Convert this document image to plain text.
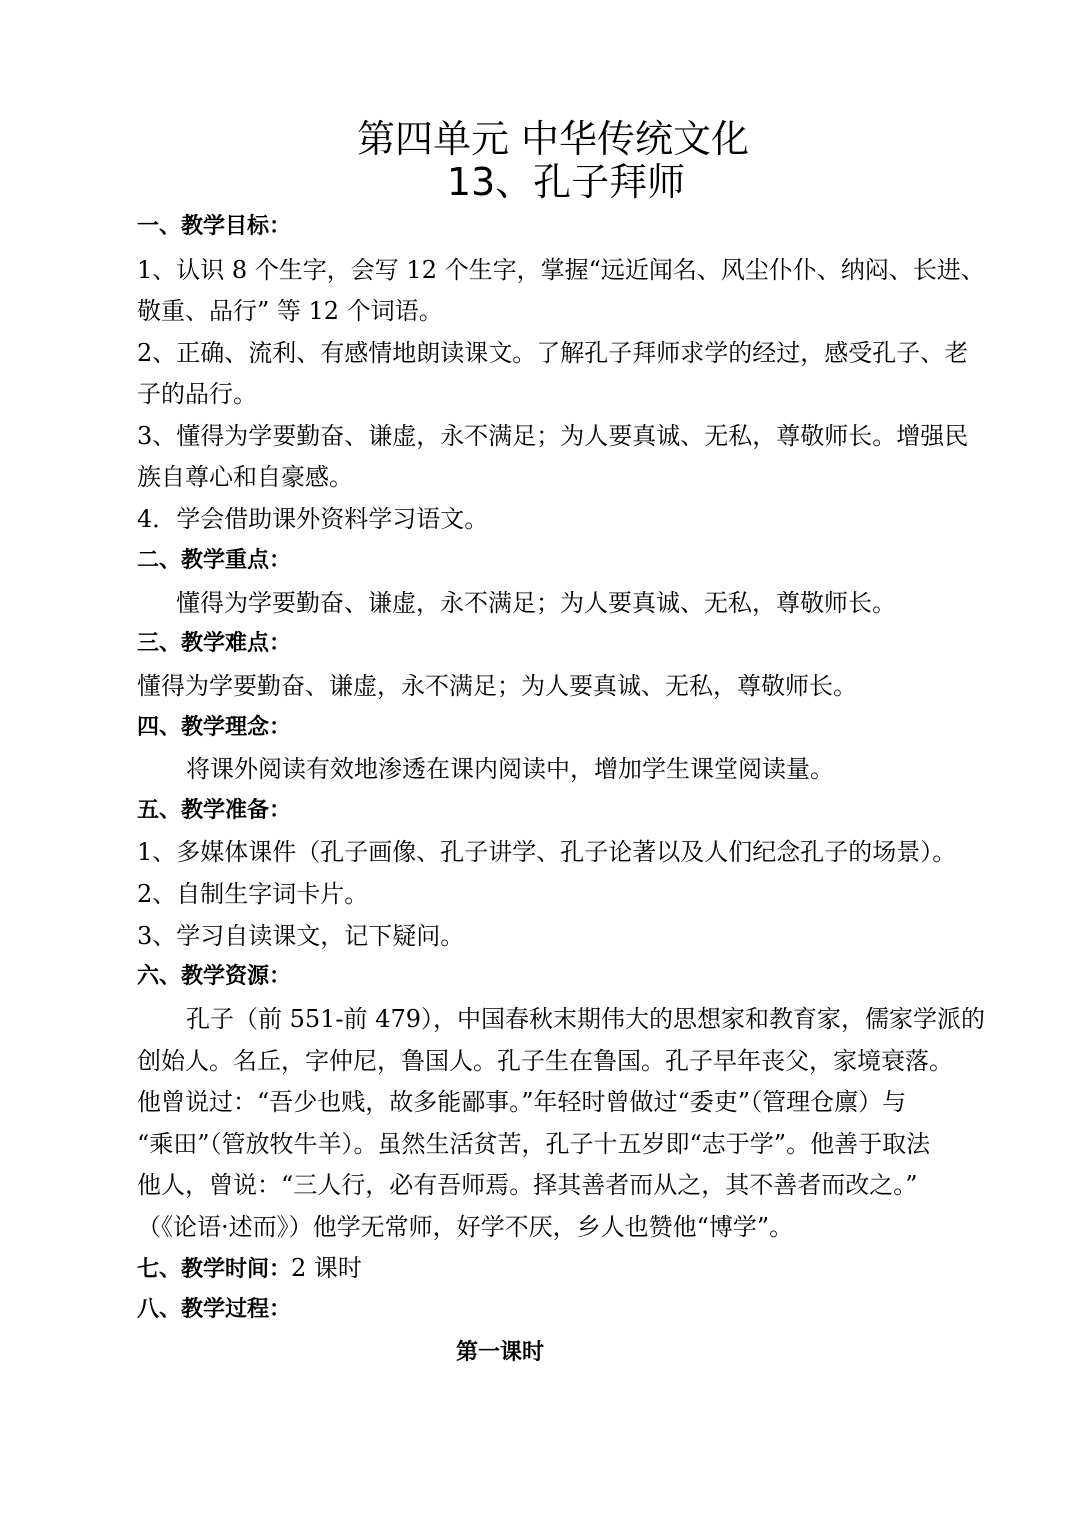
第四单元 中华传统文化
13、孔子拜师
一、教学目标：
1、认识 8 个生字，会写 12 个生字，掌握“远近闻名、风尘仆仆、纳闷、长进、
敬重、品行” 等 12 个词语。
2、正确、流利、有感情地朗读课文。了解孔子拜师求学的经过，感受孔子、老
子的品行。
3、懂得为学要勤奋、谦虚，永不满足；为人要真诚、无私，尊敬师长。增强民
族自尊心和自豪感。
4．学会借助课外资料学习语文。
二、教学重点：
懂得为学要勤奋、谦虚，永不满足；为人要真诚、无私，尊敬师长。
三、教学难点：
懂得为学要勤奋、谦虚，永不满足；为人要真诚、无私，尊敬师长。
四、教学理念：
将课外阅读有效地渗透在课内阅读中，增加学生课堂阅读量。
五、教学准备：
1、多媒体课件（孔子画像、孔子讲学、孔子论著以及人们纪念孔子的场景）。
2、自制生字词卡片。
3、学习自读课文，记下疑问。
六、教学资源：
孔子（前 551-前 479），中国春秋末期伟大的思想家和教育家，儒家学派的
创始人。名丘，字仲尼，鲁国人。孔子生在鲁国。孔子早年丧父，家境衰落。
他曾说过：“吾少也贱，故多能鄙事。”年轻时曾做过“委吏”（管理仓廪）与
“乘田”（管放牧牛羊）。虽然生活贫苦，孔子十五岁即“志于学”。他善于取法
他人，曾说：“三人行，必有吾师焉。择其善者而从之，其不善者而改之。”
（《论语·述而》）他学无常师，好学不厌，乡人也赞他“博学”。
七、教学时间：2 课时
八、教学过程：
第一课时
